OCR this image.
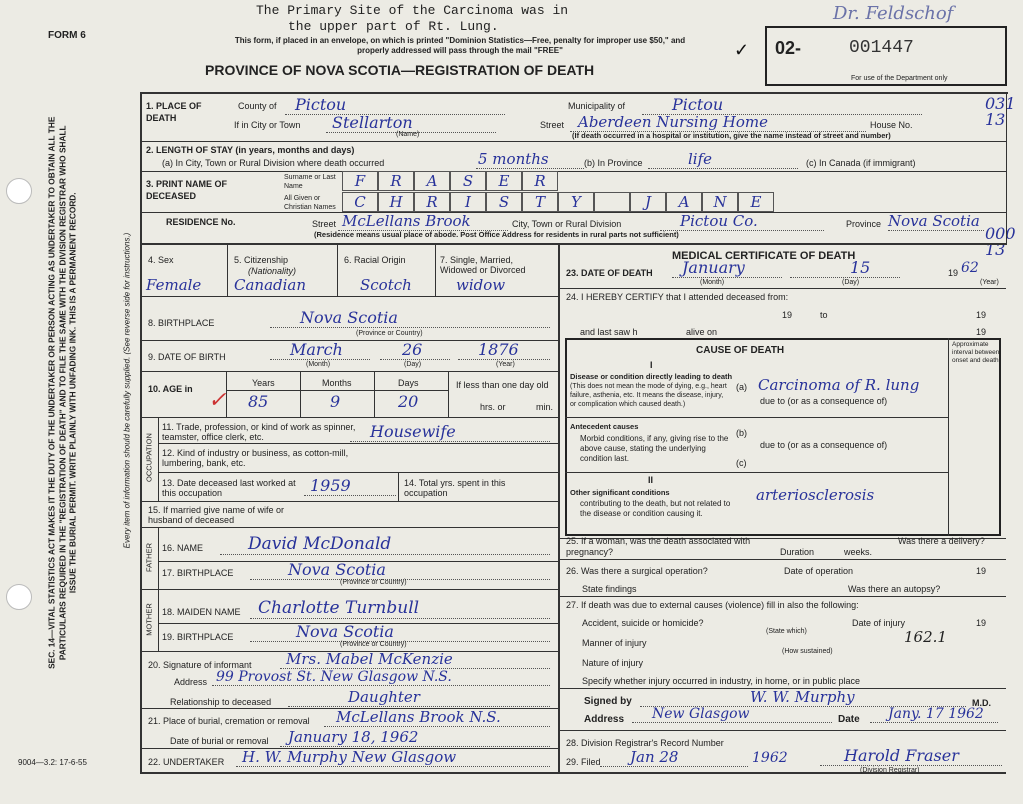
FORM 6
The Primary Site of the Carcinoma was in
the upper part of Rt. Lung.
This form, if placed in an envelope, on which is printed "Dominion Statistics—Free, penalty for improper use $50," and properly addressed will pass through the mail "FREE"
PROVINCE OF NOVA SCOTIA—REGISTRATION OF DEATH
Dr. Feldschof
02-	001447
For use of the Department only
031
13
000
13
SEC. 14—VITAL STATISTICS ACT MAKES IT THE DUTY OF THE UNDERTAKER OR PERSON ACTING AS UNDERTAKER TO OBTAIN ALL THE PARTICULARS REQUIRED IN THE "REGISTRATION OF DEATH" AND TO FILE THE SAME WITH THE DIVISION REGISTRAR WHO SHALL ISSUE THE BURIAL PERMIT. WRITE PLAINLY WITH UNFADING INK. THIS IS A PERMANENT RECORD.	Every item of information should be carefully supplied. (See reverse side for instructions.)
9004—3.2: 17-6-55
1. PLACE OF DEATH
County of	Pictou	Municipality of	Pictou
If in City or Town	Stellarton
(Name)
Street Aberdeen Nursing Home	House No.
(If death occurred in a hospital or institution, give the name instead of street and number)
2. LENGTH OF STAY (in years, months and days)
(a) In City, Town or Rural Division where death occurred	5 months	(b) In Province	life	(c) In Canada (if immigrant)
3. PRINT NAME OF DECEASED
Surname or Last Name
All Given or Christian Names
F	R	A	S	E	R
C	H	R	I	S	T	Y	J	A	N	E
RESIDENCE No.	Street McLellans Brook	City, Town or Rural Division	Pictou Co.	Province Nova Scotia
(Residence means usual place of abode. Post Office Address for residents in rural parts not sufficient)
4. Sex
Female
5. Citizenship
(Nationality)
Canadian
6. Racial Origin
Scotch
7. Single, Married, Widowed or Divorced
widow
8. BIRTHPLACE	Nova Scotia
(Province or Country)
9. DATE OF BIRTH	March	26	1876
(Month)	(Day)	(Year)
10. AGE in ✓
Years	Months	Days
85	9	20
If less than one day old
hrs. or	min.
OCCUPATION
11. Trade, profession, or kind of work as spinner, teamster, office clerk, etc.	Housewife
12. Kind of industry or business, as cotton-mill, lumbering, bank, etc.
13. Date deceased last worked at this occupation	1959	14. Total yrs. spent in this occupation
15. If married give name of wife or husband of deceased
FATHER 16. NAME	David McDonald
17. BIRTHPLACE	Nova Scotia
(Province or Country)
MOTHER 18. MAIDEN NAME	Charlotte Turnbull
19. BIRTHPLACE	Nova Scotia
(Province or Country)
20. Signature of informant	Mrs. Mabel McKenzie
Address 99 Provost St. New Glasgow N.S.
Relationship to deceased	Daughter
21. Place of burial, cremation or removal	McLellans Brook N.S.
Date of burial or removal	January 18, 1962
22. UNDERTAKER	H. W. Murphy New Glasgow
MEDICAL CERTIFICATE OF DEATH
23. DATE OF DEATH	January	15	19 62
(Month)	(Day)	(Year)
24. I HEREBY CERTIFY that I attended deceased from:
19	to	19
and last saw h	alive on	19
CAUSE OF DEATH
Approximate interval between onset and death
I
Disease or condition directly leading to death
(This does not mean the mode of dying, e.g., heart failure, asthenia, etc. It means the disease, injury, or complication which caused death.)
(a) Carcinoma of R. lung
due to (or as a consequence of)
Antecedent causes
Morbid conditions, if any, giving rise to the above cause, stating the underlying condition last.
(b)
due to (or as a consequence of)
(c)
II
Other significant conditions
contributing to the death, but not related to the disease or condition causing it.
arteriosclerosis
25. If a woman, was the death associated with pregnancy?	Duration	weeks.
Was there a delivery?
26. Was there a surgical operation?	Date of operation	19
State findings	Was there an autopsy?
27. If death was due to external causes (violence) fill in also the following:
Accident, suicide or homicide?
(State which)
Date of injury	19
Manner of injury	162.1
(How sustained)
Nature of injury
Specify whether injury occurred in industry, in home, or in public place
Signed by	W. W. Murphy	M.D.
Address	New Glasgow	Date	Jany. 17 1962
28. Division Registrar's Record Number
29. Filed	Jan 28	1962	Harold Fraser
(Division Registrar)
✓
